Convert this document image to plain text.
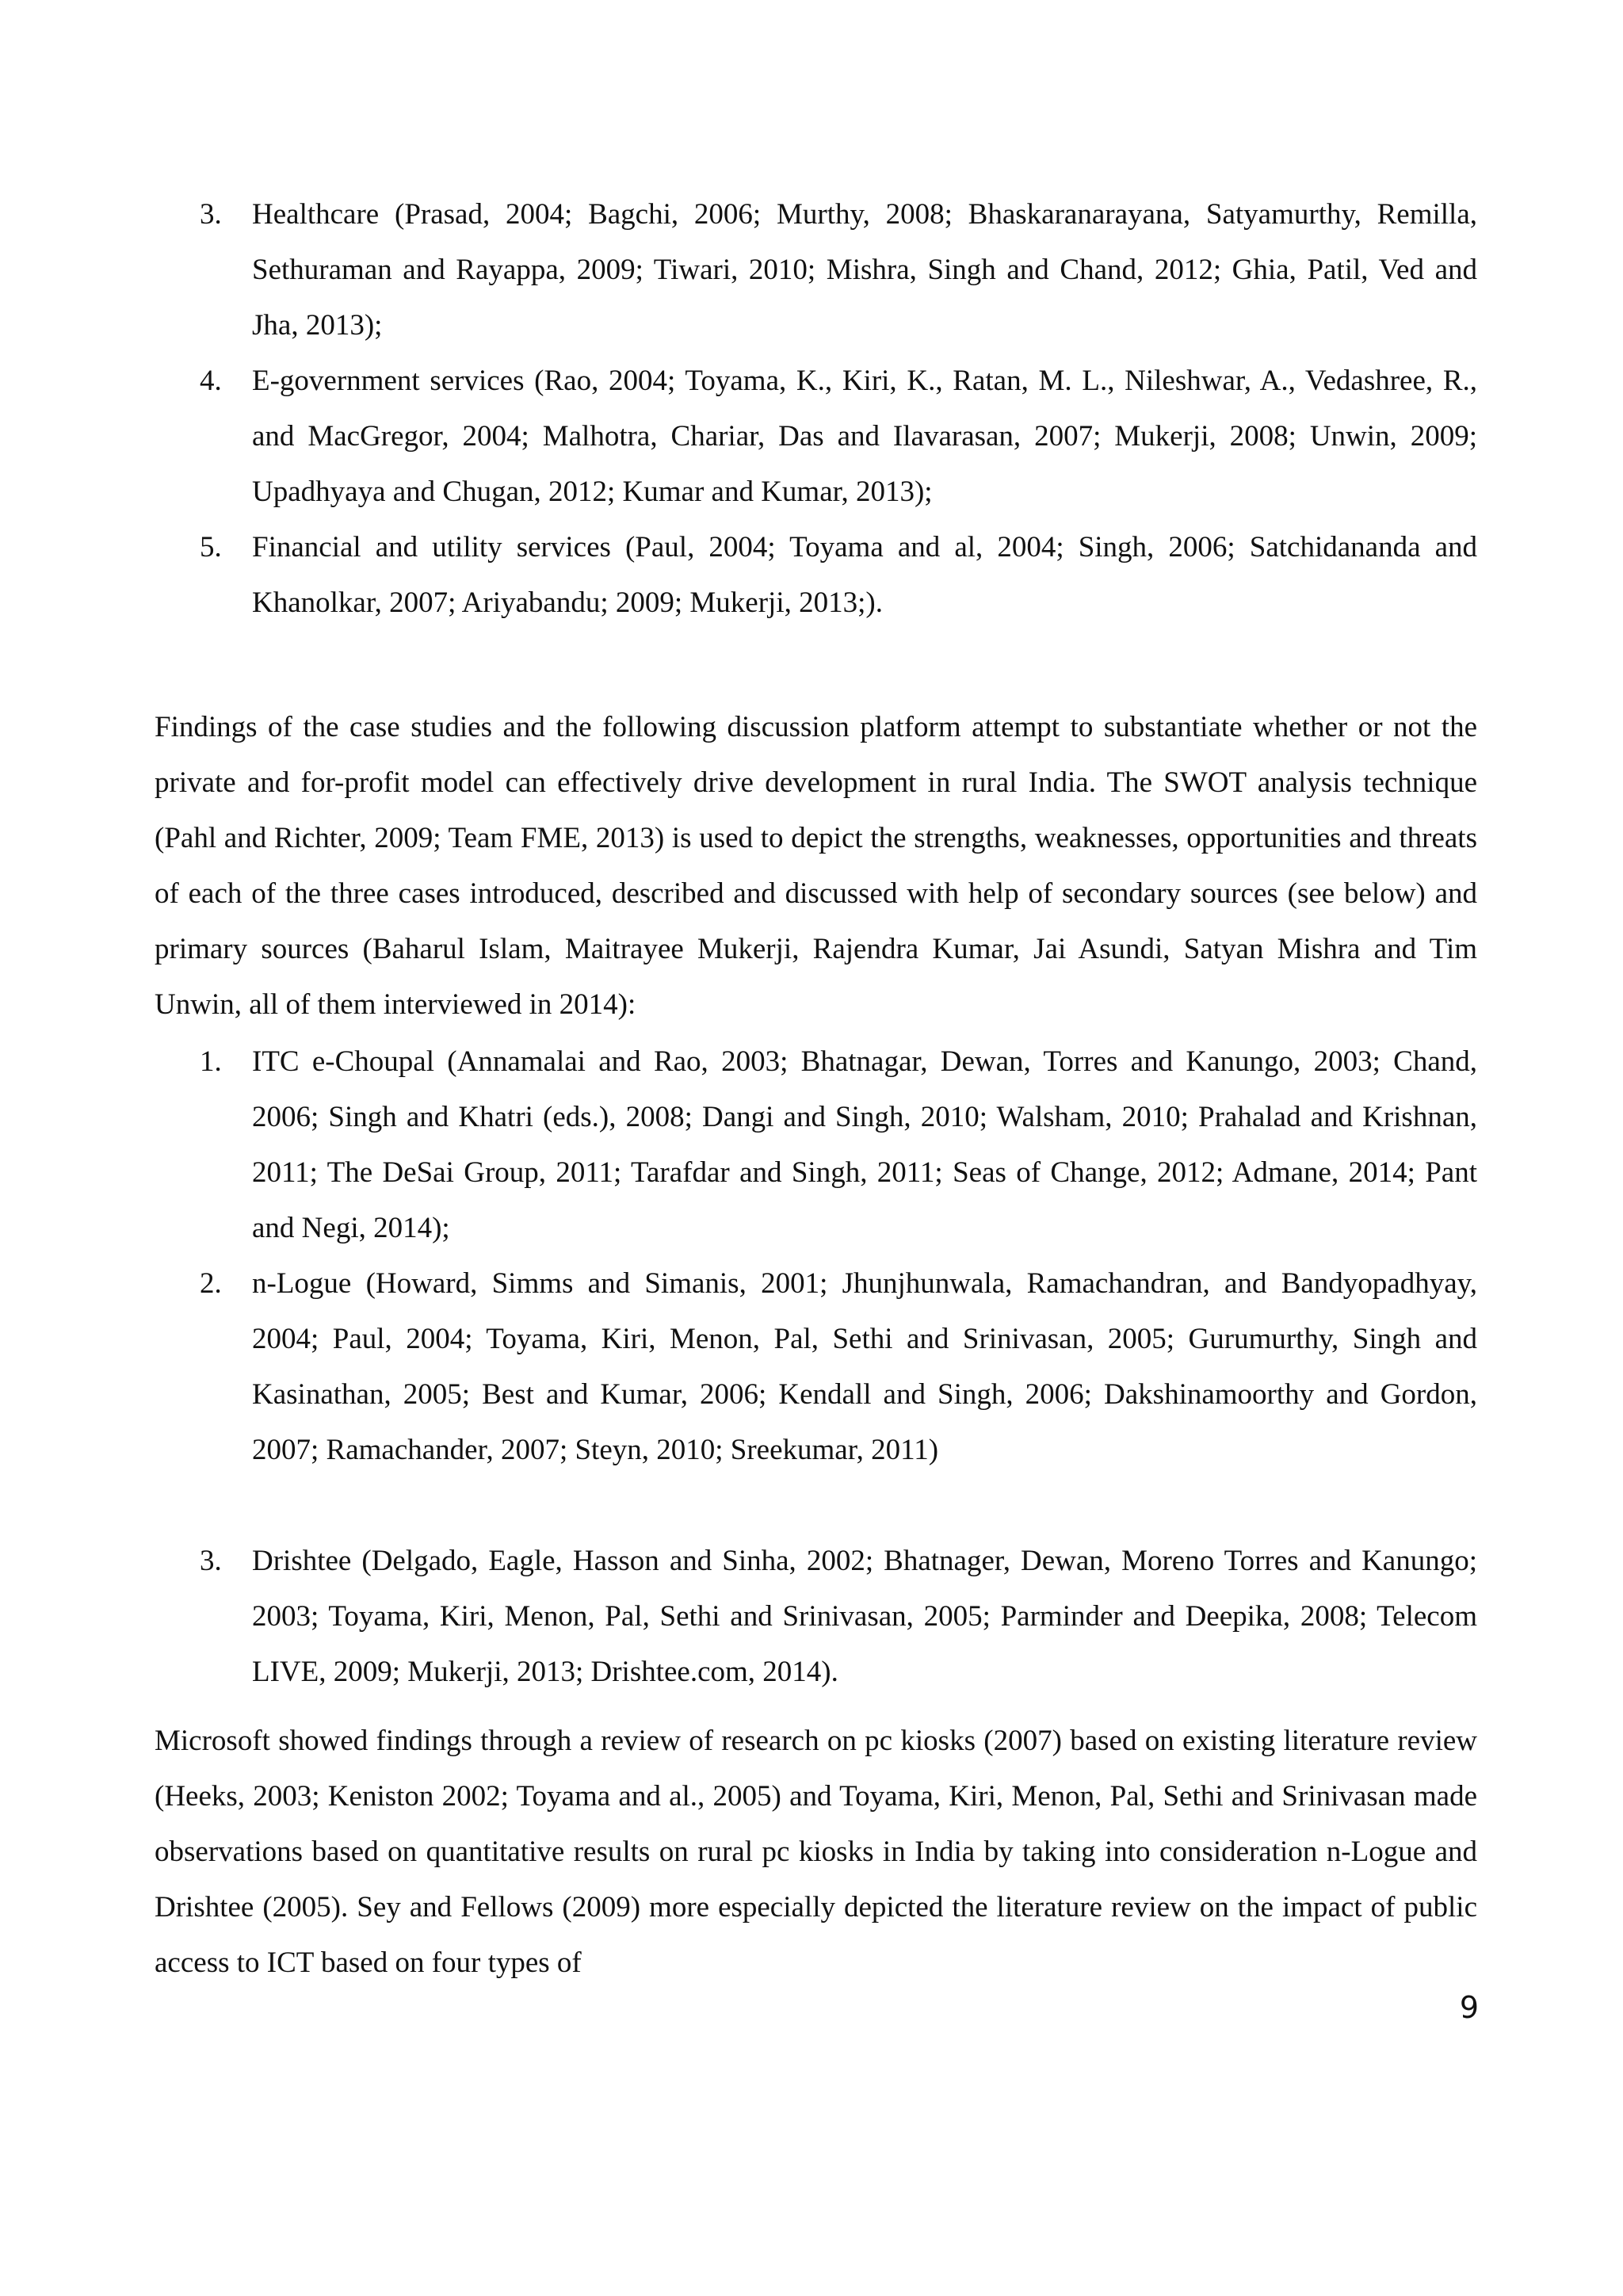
3. Healthcare (Prasad, 2004; Bagchi, 2006; Murthy, 2008; Bhaskaranarayana, Satyamurthy, Remilla, Sethuraman and Rayappa, 2009; Tiwari, 2010; Mishra, Singh and Chand, 2012; Ghia, Patil, Ved and Jha, 2013);
4. E-government services (Rao, 2004; Toyama, K., Kiri, K., Ratan, M. L., Nileshwar, A., Vedashree, R., and MacGregor, 2004; Malhotra, Chariar, Das and Ilavarasan, 2007; Mukerji, 2008; Unwin, 2009; Upadhyaya and Chugan, 2012; Kumar and Kumar, 2013);
5. Financial and utility services (Paul, 2004; Toyama and al, 2004; Singh, 2006; Satchidananda and Khanolkar, 2007; Ariyabandu; 2009; Mukerji, 2013;).

Findings of the case studies and the following discussion platform attempt to substantiate whether or not the private and for-profit model can effectively drive development in rural India. The SWOT analysis technique (Pahl and Richter, 2009; Team FME, 2013) is used to depict the strengths, weaknesses, opportunities and threats of each of the three cases introduced, described and discussed with help of secondary sources (see below) and primary sources (Baharul Islam, Maitrayee Mukerji, Rajendra Kumar, Jai Asundi, Satyan Mishra and Tim Unwin, all of them interviewed in 2014):

1. ITC e-Choupal (Annamalai and Rao, 2003; Bhatnagar, Dewan, Torres and Kanungo, 2003; Chand, 2006; Singh and Khatri (eds.), 2008; Dangi and Singh, 2010; Walsham, 2010; Prahalad and Krishnan, 2011; The DeSai Group, 2011; Tarafdar and Singh, 2011; Seas of Change, 2012; Admane, 2014; Pant and Negi, 2014);
2. n-Logue (Howard, Simms and Simanis, 2001; Jhunjhunwala, Ramachandran, and Bandyopadhyay, 2004; Paul, 2004; Toyama, Kiri, Menon, Pal, Sethi and Srinivasan, 2005; Gurumurthy, Singh and Kasinathan, 2005; Best and Kumar, 2006; Kendall and Singh, 2006; Dakshinamoorthy and Gordon, 2007; Ramachander, 2007; Steyn, 2010; Sreekumar, 2011)
3. Drishtee (Delgado, Eagle, Hasson and Sinha, 2002; Bhatnager, Dewan, Moreno Torres and Kanungo; 2003; Toyama, Kiri, Menon, Pal, Sethi and Srinivasan, 2005; Parminder and Deepika, 2008; Telecom LIVE, 2009; Mukerji, 2013; Drishtee.com, 2014).

Microsoft showed findings through a review of research on pc kiosks (2007) based on existing literature review (Heeks, 2003; Keniston 2002; Toyama and al., 2005) and Toyama, Kiri, Menon, Pal, Sethi and Srinivasan made observations based on quantitative results on rural pc kiosks in India by taking into consideration n-Logue and Drishtee (2005). Sey and Fellows (2009) more especially depicted the literature review on the impact of public access to ICT based on four types of

9
